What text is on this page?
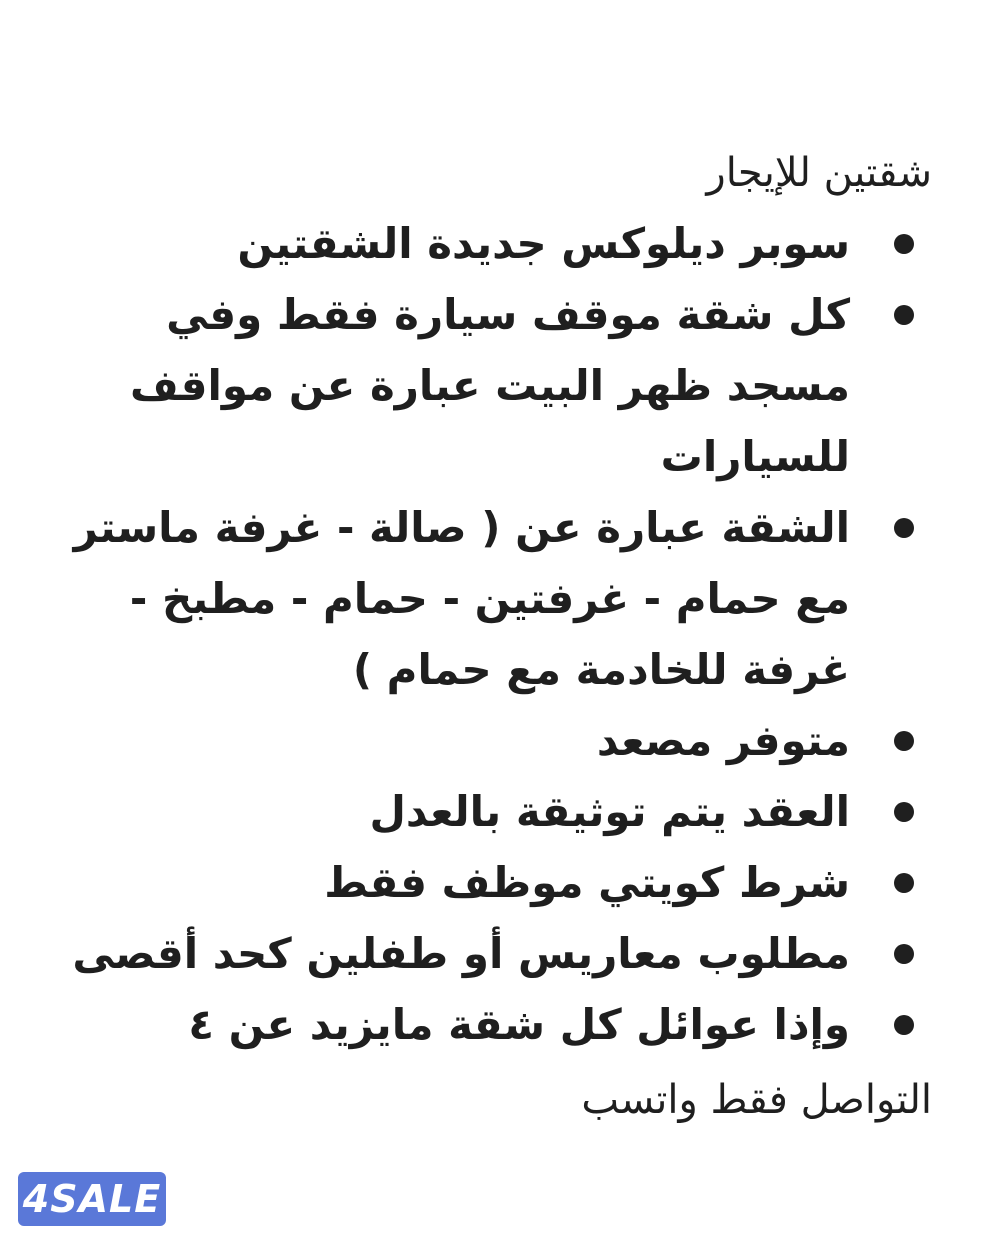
شقتين للإيجار

سوبر ديلوكس جديدة الشقتين
كل شقة موقف سيارة فقط وفي مسجد ظهر البيت عبارة عن مواقف للسيارات
الشقة عبارة عن ( صالة - غرفة ماستر مع حمام - غرفتين - حمام - مطبخ - غرفة للخادمة مع حمام )
متوفر مصعد
العقد يتم توثيقة بالعدل
شرط كويتي موظف فقط
مطلوب معاريس أو طفلين كحد أقصى
وإذا عوائل كل شقة مايزيد عن ٤

التواصل فقط واتسب

4SALE
